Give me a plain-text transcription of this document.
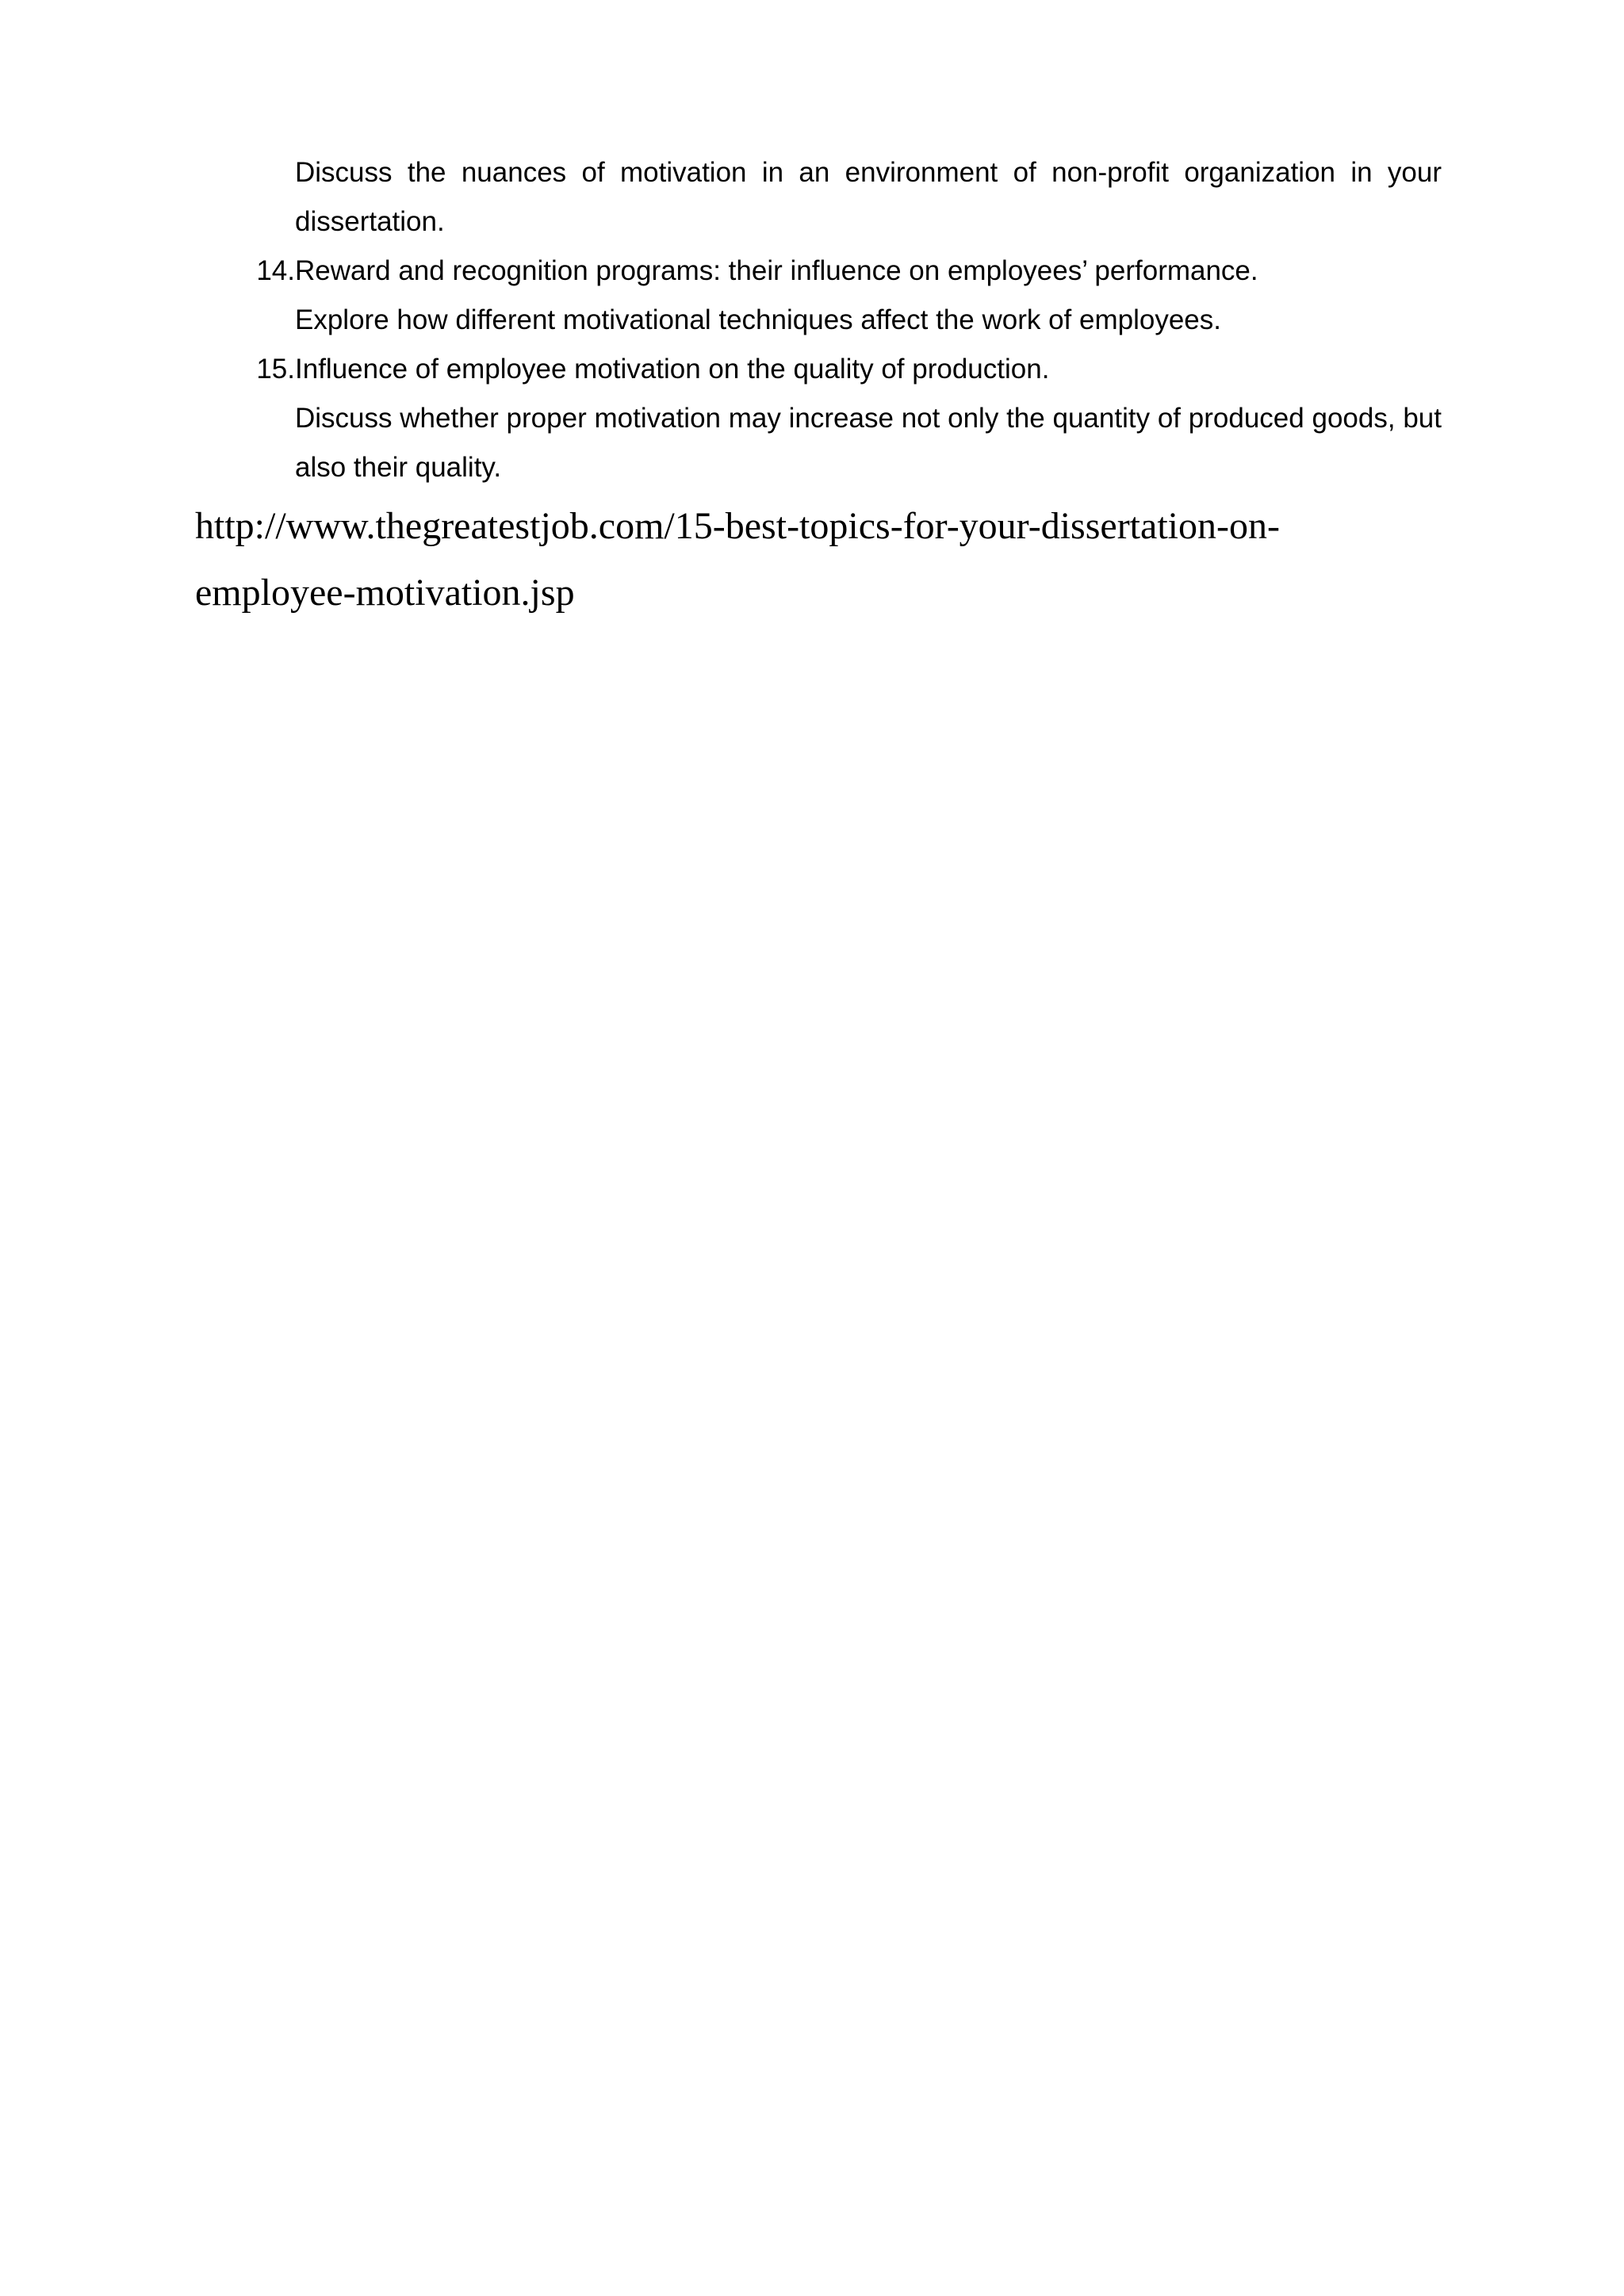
Discuss the nuances of motivation in an environment of non-profit organization in your dissertation.

14. Reward and recognition programs: their influence on employees’ performance.

Explore how different motivational techniques affect the work of employees.

15. Influence of employee motivation on the quality of production.

Discuss whether proper motivation may increase not only the quantity of produced goods, but also their quality.

http://www.thegreatestjob.com/15-best-topics-for-your-dissertation-on-
employee-motivation.jsp
